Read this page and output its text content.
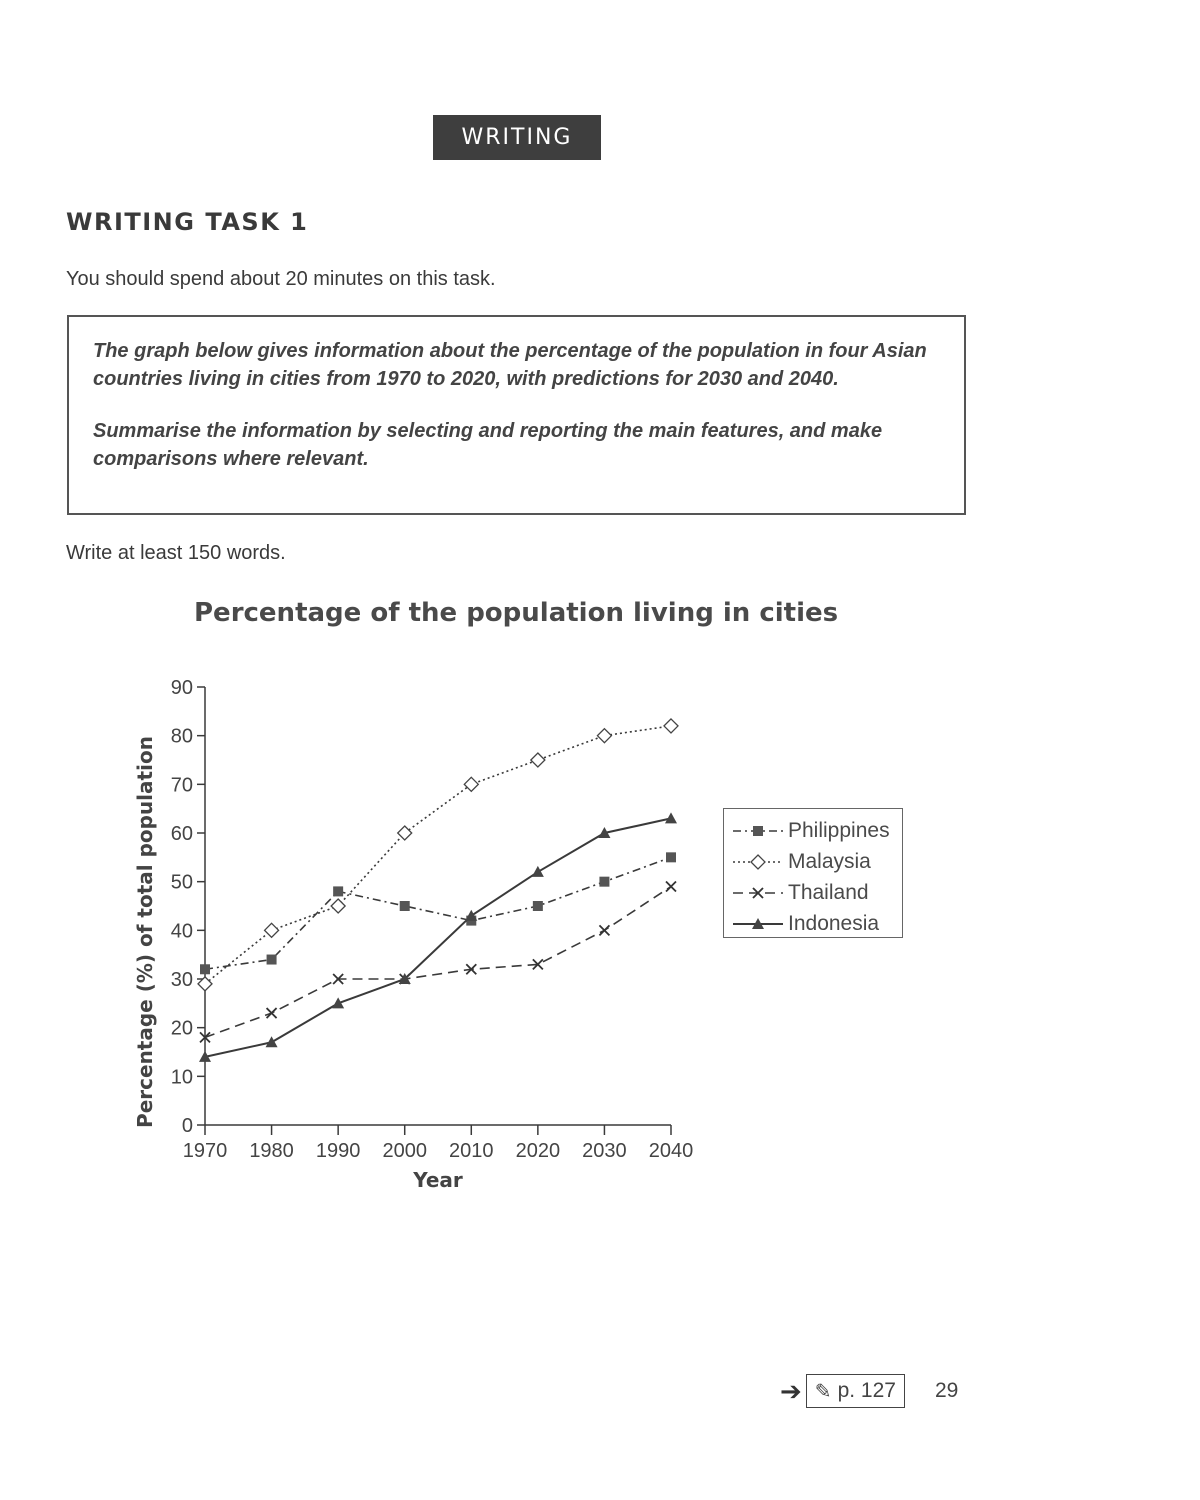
WRITING
WRITING TASK 1
You should spend about 20 minutes on this task.

The graph below gives information about the percentage of the population in four Asian countries living in cities from 1970 to 2020, with predictions for 2030 and 2040.

Summarise the information by selecting and reporting the main features, and make comparisons where relevant.

Write at least 150 words.
Percentage of the population living in cities
0
10
20
30
40
50
60
70
80
90
1970 1980 1990 2000 2010 2020 2030 2040
Year
Percentage (%) of total population	Philippines
Malaysia
Thailand
Indonesia
➔ ✎ p. 127 29
